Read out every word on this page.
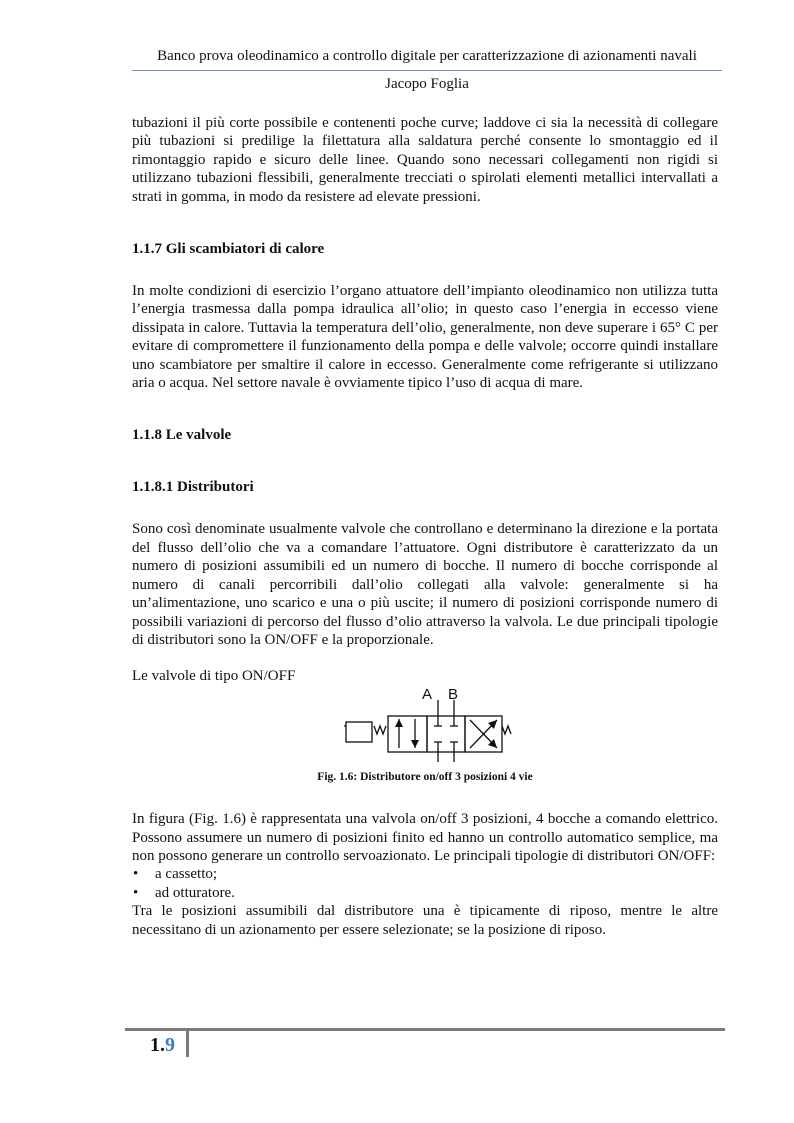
Banco prova oleodinamico a controllo digitale per caratterizzazione di azionamenti navali
Jacopo Foglia

tubazioni il più corte possibile e contenenti poche curve; laddove ci sia la necessità di collegare più tubazioni si predilige la filettatura alla saldatura perché consente lo smontaggio ed il rimontaggio rapido e sicuro delle linee. Quando sono necessari collegamenti non rigidi si utilizzano tubazioni flessibili, generalmente trecciati o spirolati elementi metallici intervallati a strati in gomma, in modo da resistere ad elevate pressioni.

1.1.7 Gli scambiatori di calore

In molte condizioni di esercizio l’organo attuatore dell’impianto oleodinamico non utilizza tutta l’energia trasmessa dalla pompa idraulica all’olio; in questo caso l’energia in eccesso viene dissipata in calore. Tuttavia la temperatura dell’olio, generalmente, non deve superare i 65° C per evitare di compromettere il funzionamento della pompa e delle valvole; occorre quindi installare uno scambiatore per smaltire il calore in eccesso. Generalmente come refrigerante si utilizzano aria o acqua. Nel settore navale è ovviamente tipico l’uso di acqua di mare.

1.1.8 Le valvole
1.1.8.1 Distributori

Sono così denominate usualmente valvole che controllano e determinano la direzione e la portata del flusso dell’olio che va a comandare l’attuatore. Ogni distributore è caratterizzato da un numero di posizioni assumibili ed un numero di bocche. Il numero di bocche corrisponde al numero di canali percorribili dall’olio collegati alla valvole: generalmente si ha un’alimentazione, uno scarico e una o più uscite; il numero di posizioni corrisponde numero di possibili variazioni di percorso del flusso d’olio attraverso la valvola. Le due principali tipologie di distributori sono la ON/OFF e la proporzionale.

Le valvole di tipo ON/OFF

A B
Fig. 1.6: Distributore on/off 3 posizioni 4 vie

In figura (Fig. 1.6) è rappresentata una valvola on/off 3 posizioni, 4 bocche a comando elettrico. Possono assumere un numero di posizioni finito ed hanno un controllo automatico semplice, ma non possono generare un controllo servoazionato. Le principali tipologie di distributori ON/OFF:

• a cassetto;
• ad otturatore.

Tra le posizioni assumibili dal distributore una è tipicamente di riposo, mentre le altre necessitano di un azionamento per essere selezionate; se la posizione di riposo.

1.9
